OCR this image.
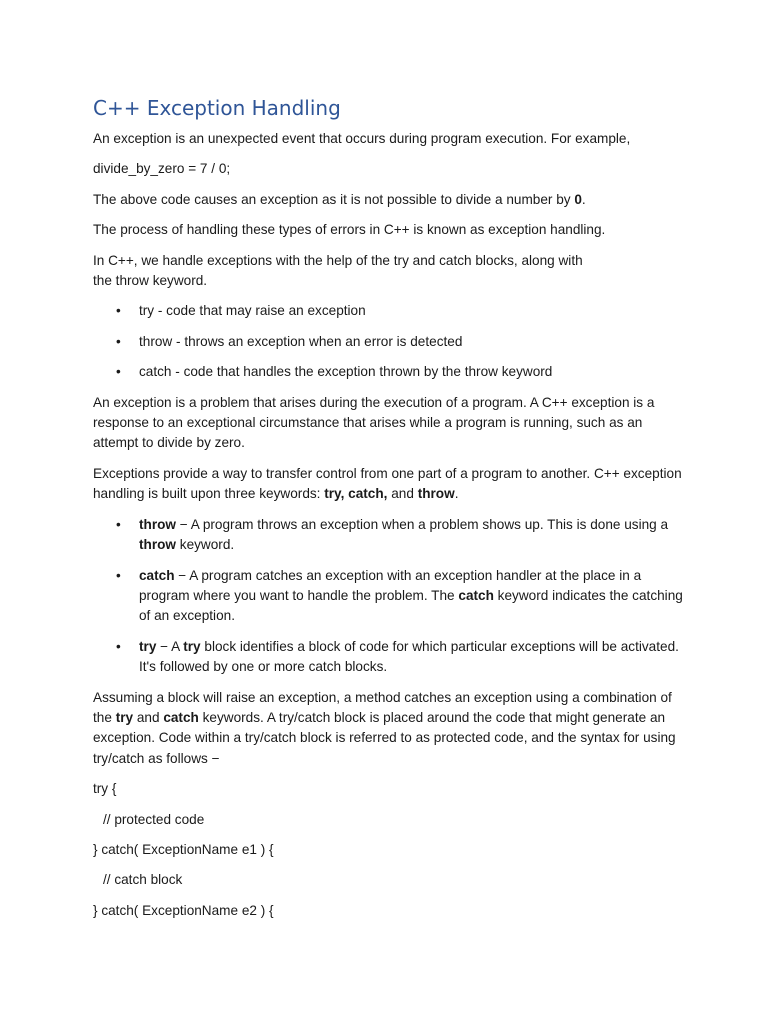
C++ Exception Handling

An exception is an unexpected event that occurs during program execution. For example,

divide_by_zero = 7 / 0;

The above code causes an exception as it is not possible to divide a number by 0.

The process of handling these types of errors in C++ is known as exception handling.

In C++, we handle exceptions with the help of the try and catch blocks, along with
the throw keyword.

• try - code that may raise an exception
• throw - throws an exception when an error is detected
• catch - code that handles the exception thrown by the throw keyword

An exception is a problem that arises during the execution of a program. A C++ exception is a response to an exceptional circumstance that arises while a program is running, such as an attempt to divide by zero.

Exceptions provide a way to transfer control from one part of a program to another. C++ exception handling is built upon three keywords: try, catch, and throw.

• throw − A program throws an exception when a problem shows up. This is done using a throw keyword.
• catch − A program catches an exception with an exception handler at the place in a program where you want to handle the problem. The catch keyword indicates the catching of an exception.
• try − A try block identifies a block of code for which particular exceptions will be activated. It's followed by one or more catch blocks.

Assuming a block will raise an exception, a method catches an exception using a combination of the try and catch keywords. A try/catch block is placed around the code that might generate an exception. Code within a try/catch block is referred to as protected code, and the syntax for using try/catch as follows −

try {

// protected code

} catch( ExceptionName e1 ) {

// catch block

} catch( ExceptionName e2 ) {
